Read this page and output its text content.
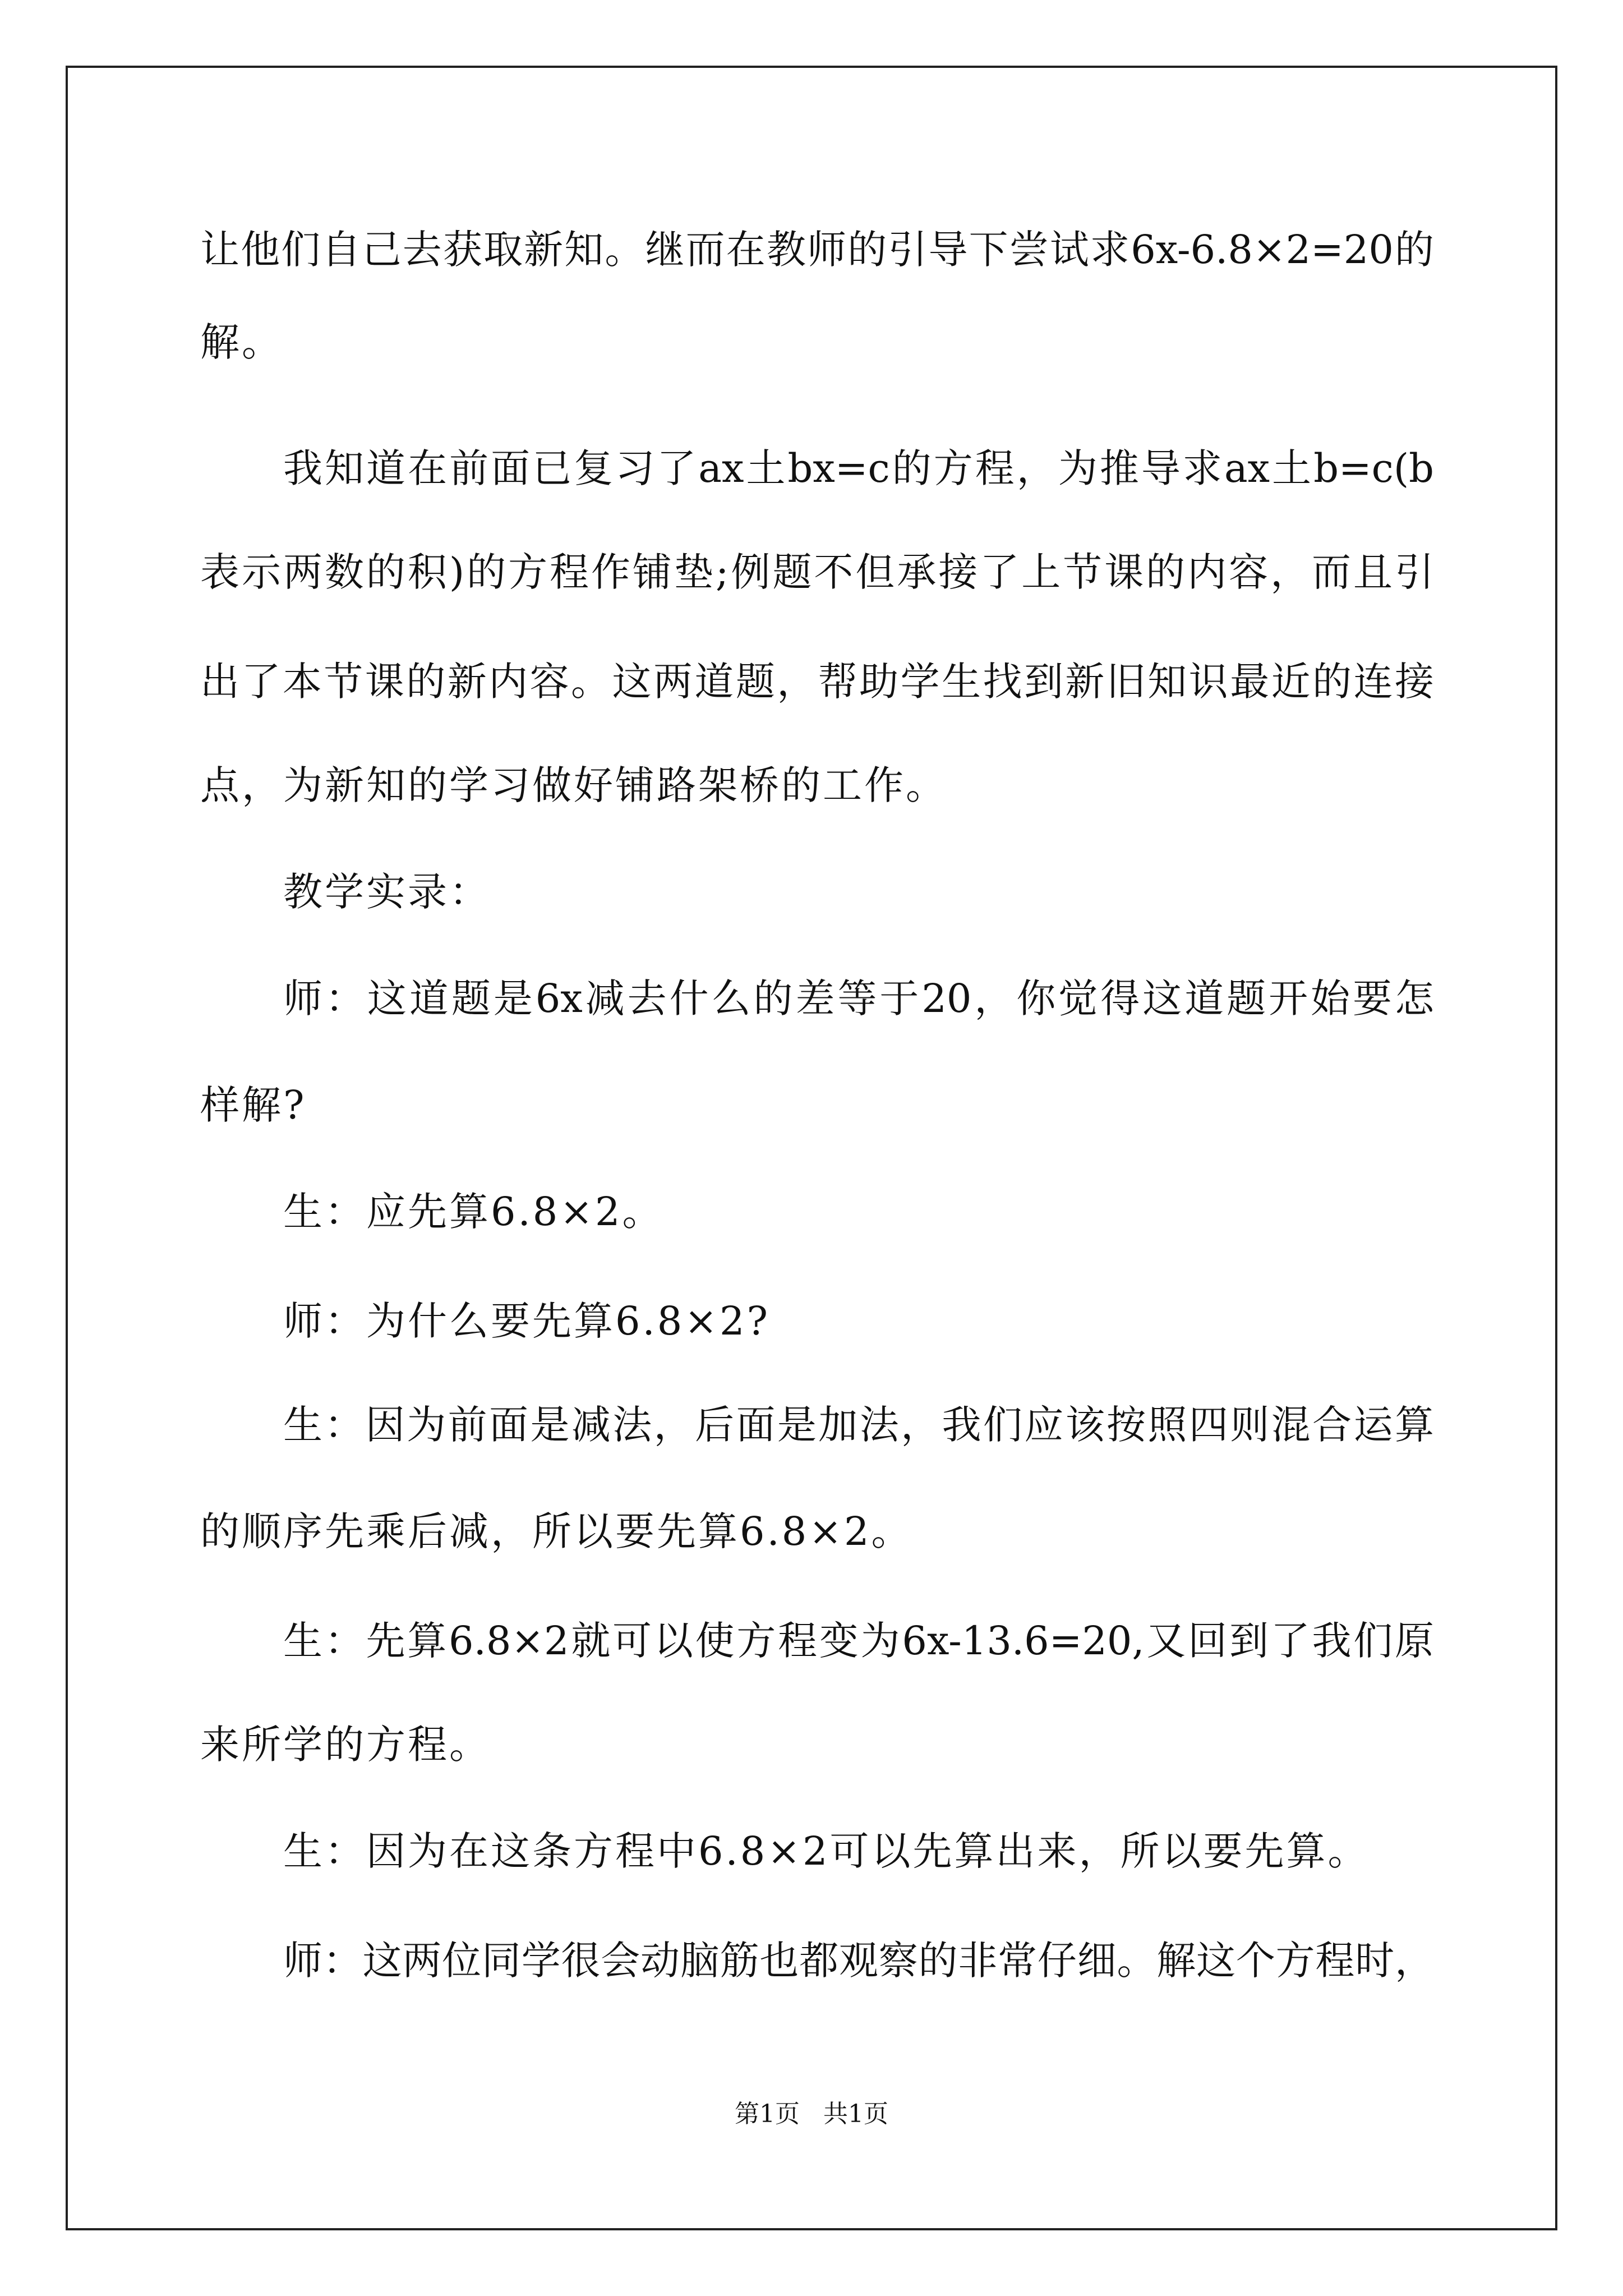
让他们自己去获取新知。继而在教师的引导下尝试求6x-6.8×2=20的
解。
我知道在前面已复习了ax土bx=c的方程，为推导求ax土b=c(b
表示两数的积)的方程作铺垫;例题不但承接了上节课的内容，而且引
出了本节课的新内容。这两道题，帮助学生找到新旧知识最近的连接
点，为新知的学习做好铺路架桥的工作。
教学实录：
师：这道题是6x减去什么的差等于20，你觉得这道题开始要怎
样解?
生：应先算6.8×2。
师：为什么要先算6.8×2?
生：因为前面是减法，后面是加法，我们应该按照四则混合运算
的顺序先乘后减，所以要先算6.8×2。
生：先算6.8×2就可以使方程变为6x-13.6=20,又回到了我们原
来所学的方程。
生：因为在这条方程中6.8×2可以先算出来，所以要先算。
师：这两位同学很会动脑筋也都观察的非常仔细。解这个方程时，
第1页   共1页
